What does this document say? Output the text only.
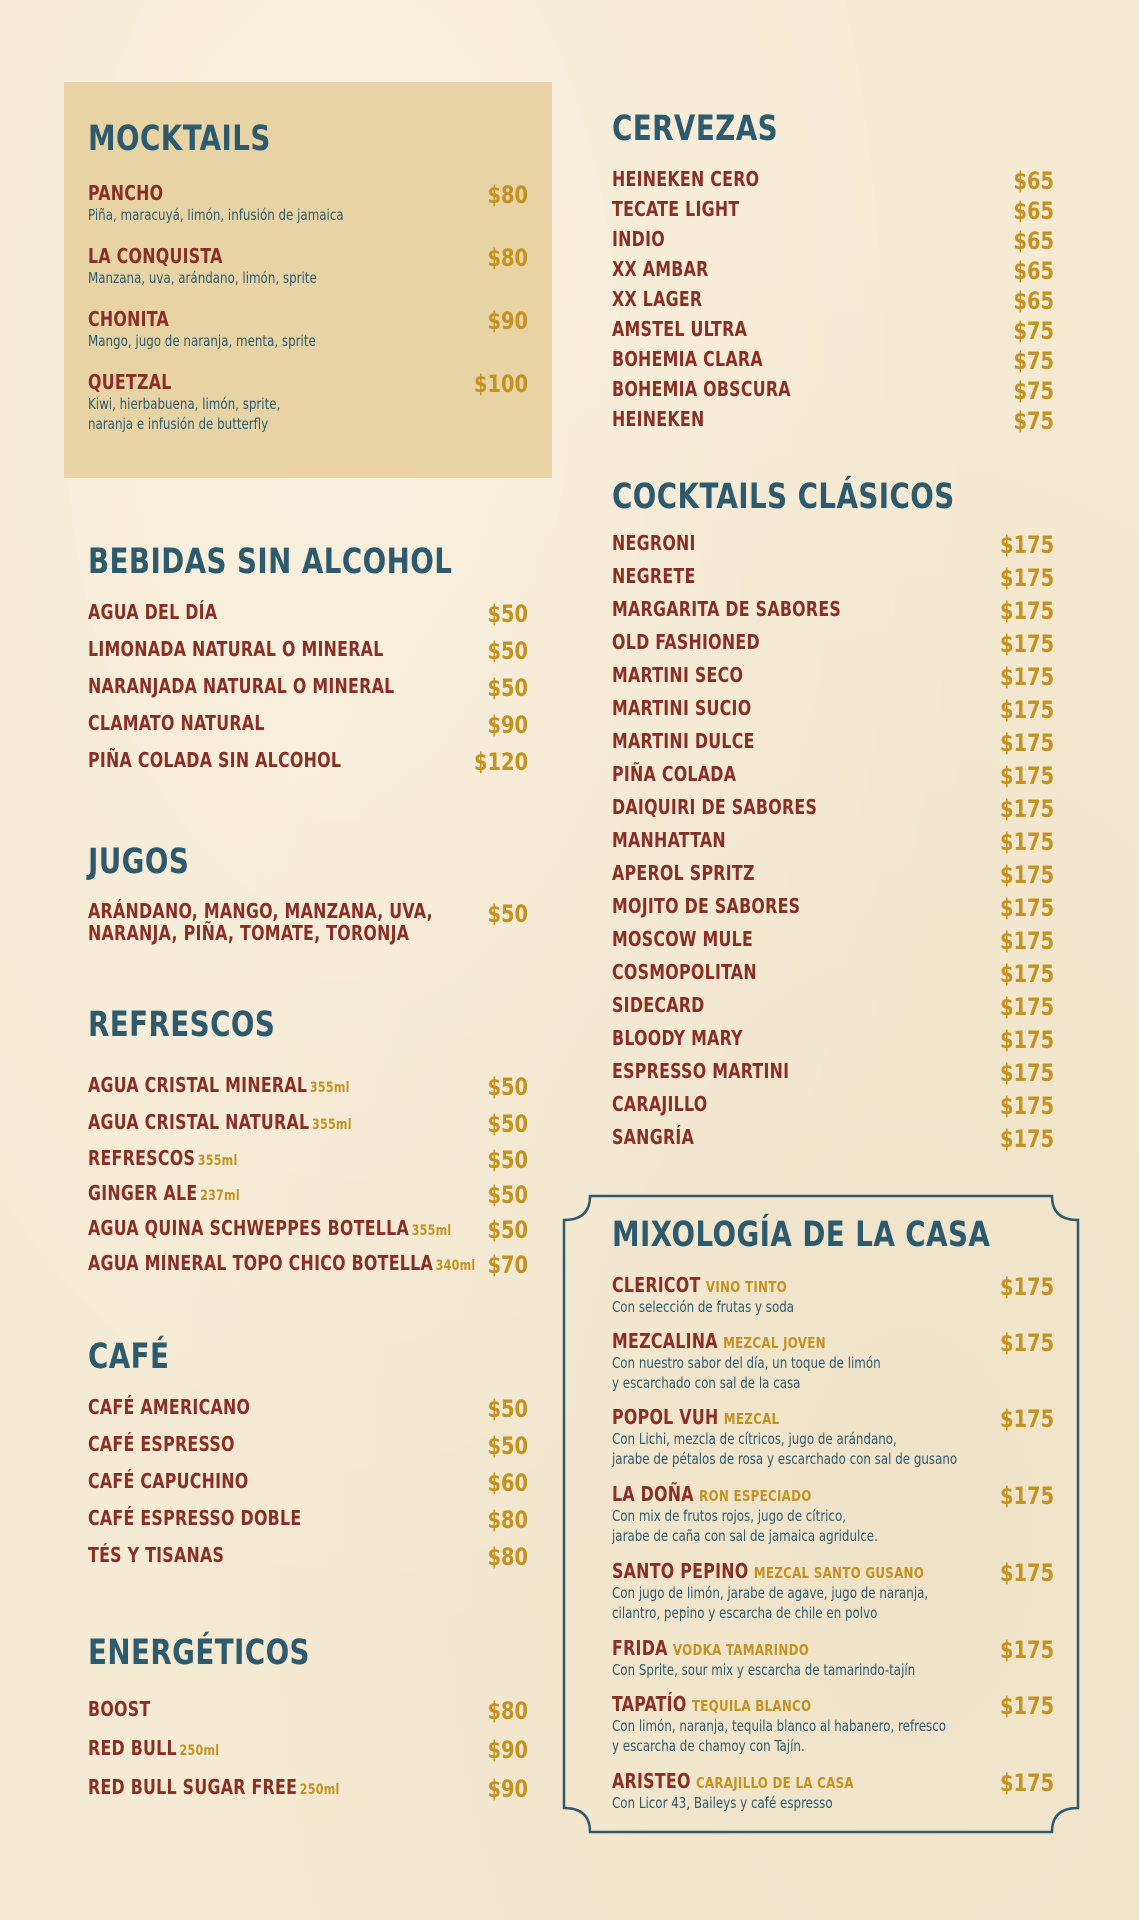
MOCKTAILS
PANCHO	$80
Piña, maracuyá, limón, infusión de jamaica
LA CONQUISTA	$80
Manzana, uva, arándano, limón, sprite
CHONITA	$90
Mango, jugo de naranja, menta, sprite
QUETZAL	$100
Kiwi, hierbabuena, limón, sprite,
naranja e infusión de butterfly
BEBIDAS SIN ALCOHOL
AGUA DEL DÍA	$50
LIMONADA NATURAL O MINERAL	$50
NARANJADA NATURAL O MINERAL	$50
CLAMATO NATURAL	$90
PIÑA COLADA SIN ALCOHOL	$120
JUGOS
ARÁNDANO, MANGO, MANZANA, UVA,
NARANJA, PIÑA, TOMATE, TORONJA
$50
REFRESCOS
AGUA CRISTAL MINERAL 355ml	$50
AGUA CRISTAL NATURAL 355ml	$50
REFRESCOS 355ml	$50
GINGER ALE 237ml	$50
AGUA QUINA SCHWEPPES BOTELLA 355ml $50
AGUA MINERAL TOPO CHICO BOTELLA 340ml $70
CAFÉ
CAFÉ AMERICANO	$50
CAFÉ ESPRESSO	$50
CAFÉ CAPUCHINO	$60
CAFÉ ESPRESSO DOBLE	$80
TÉS Y TISANAS	$80
ENERGÉTICOS
BOOST	$80
RED BULL 250ml	$90
RED BULL SUGAR FREE 250ml	$90
CERVEZAS
HEINEKEN CERO	$65
TECATE LIGHT	$65
INDIO	$65
XX AMBAR	$65
XX LAGER	$65
AMSTEL ULTRA	$75
BOHEMIA CLARA	$75
BOHEMIA OBSCURA	$75
HEINEKEN	$75
COCKTAILS CLÁSICOS
NEGRONI	$175
NEGRETE	$175
MARGARITA DE SABORES	$175
OLD FASHIONED	$175
MARTINI SECO	$175
MARTINI SUCIO	$175
MARTINI DULCE	$175
PIÑA COLADA	$175
DAIQUIRI DE SABORES	$175
MANHATTAN	$175
APEROL SPRITZ	$175
MOJITO DE SABORES	$175
MOSCOW MULE	$175
COSMOPOLITAN	$175
SIDECARD	$175
BLOODY MARY	$175
ESPRESSO MARTINI	$175
CARAJILLO	$175
SANGRÍA	$175
MIXOLOGÍA DE LA CASA
CLERICOT VINO TINTO	$175
Con selección de frutas y soda
MEZCALINA MEZCAL JOVEN	$175
Con nuestro sabor del día, un toque de limón
y escarchado con sal de la casa
POPOL VUH MEZCAL	$175
Con Lichi, mezcla de cítricos, jugo de arándano,
jarabe de pétalos de rosa y escarchado con sal de gusano
LA DOÑA RON ESPECIADO	$175
Con mix de frutos rojos, jugo de cítrico,
jarabe de caña con sal de jamaica agridulce.
SANTO PEPINO MEZCAL SANTO GUSANO	$175
Con jugo de limón, jarabe de agave, jugo de naranja,
cilantro, pepino y escarcha de chile en polvo
FRIDA VODKA TAMARINDO	$175
Con Sprite, sour mix y escarcha de tamarindo-tajín
TAPATÍO TEQUILA BLANCO	$175
Con limón, naranja, tequila blanco al habanero, refresco
y escarcha de chamoy con Tajín.
ARISTEO CARAJILLO DE LA CASA	$175
Con Licor 43, Baileys y café espresso
